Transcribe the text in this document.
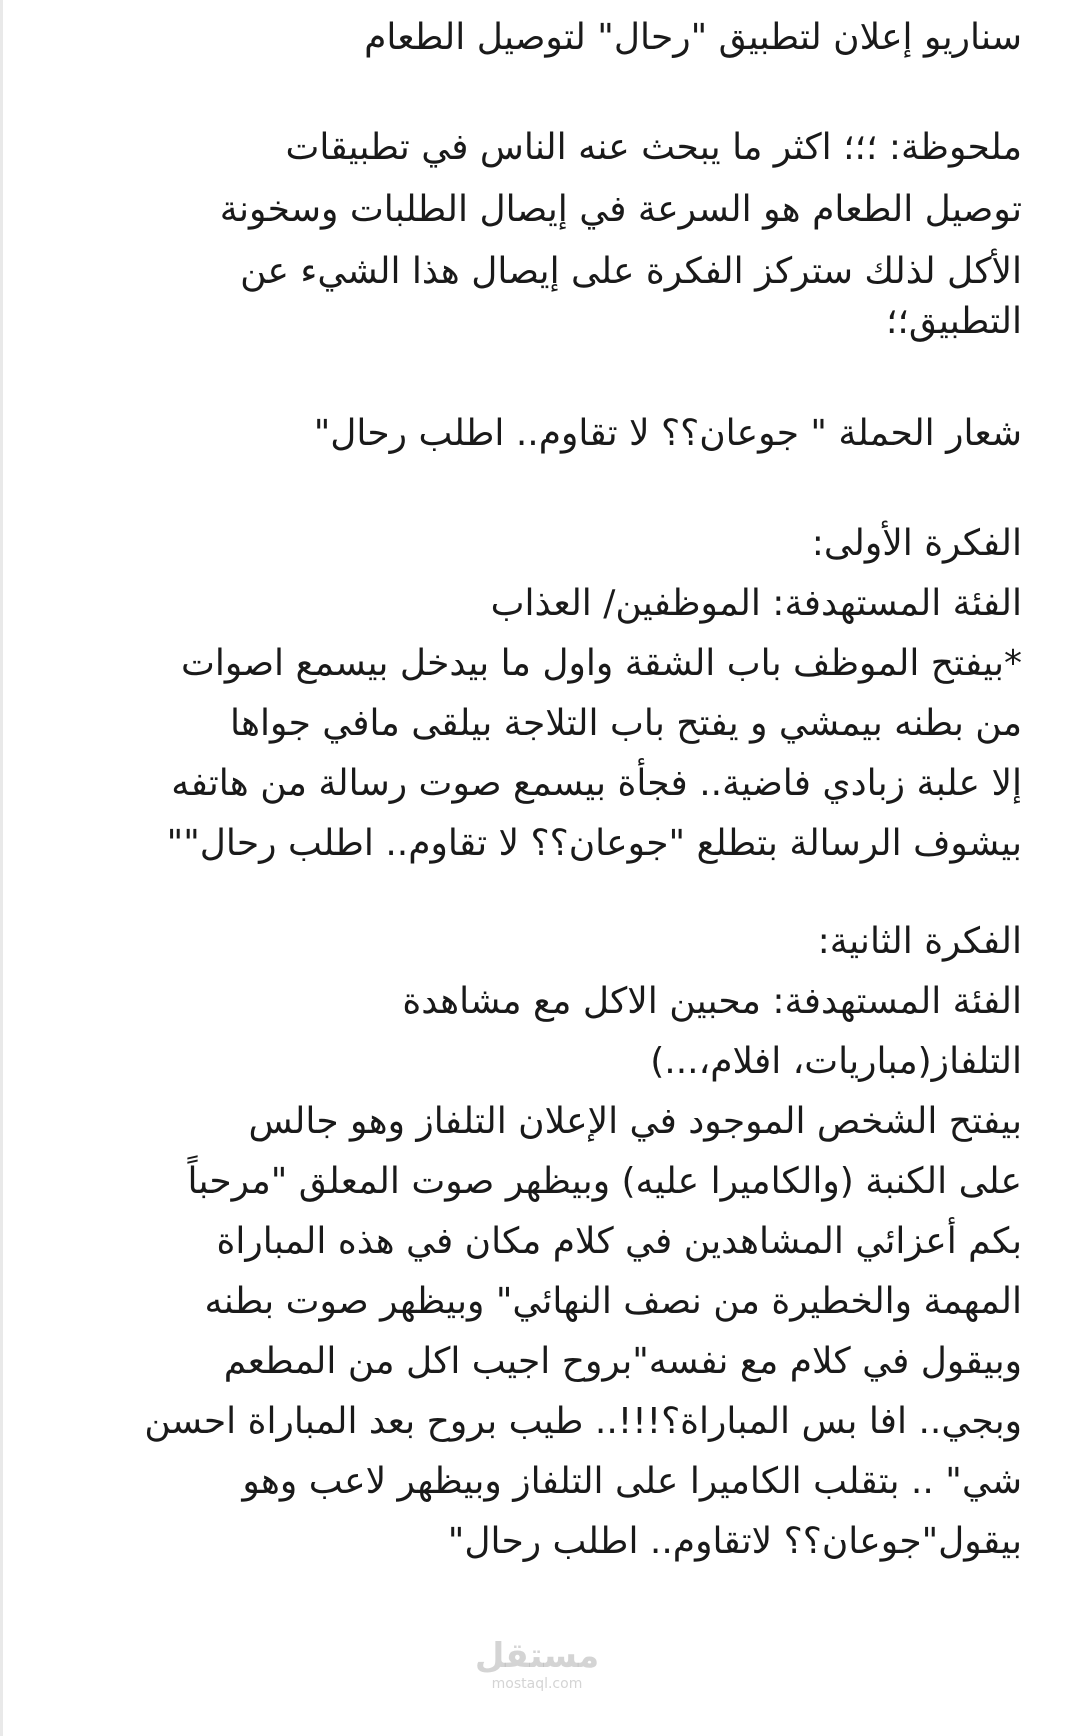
سناريو إعلان لتطبيق "رحال" لتوصيل الطعام
ملحوظة: ؛؛؛ اكثر ما يبحث عنه الناس في تطبيقات
توصيل الطعام هو السرعة في إيصال الطلبات وسخونة
الأكل لذلك ستركز الفكرة على إيصال هذا الشيء عن
التطبيق؛؛
شعار الحملة " جوعان؟؟ لا تقاوم.. اطلب رحال"
الفكرة الأولى:
الفئة المستهدفة: الموظفين/ العذاب
*بيفتح الموظف باب الشقة واول ما بيدخل بيسمع اصوات
من بطنه بيمشي و يفتح باب التلاجة بيلقى مافي جواها
إلا علبة زبادي فاضية.. فجأة بيسمع صوت رسالة من هاتفه
بيشوف الرسالة بتطلع "جوعان؟؟ لا تقاوم.. اطلب رحال""
الفكرة الثانية:
الفئة المستهدفة: محبين الاكل مع مشاهدة
التلفاز(مباريات، افلام،...)
بيفتح الشخص الموجود في الإعلان التلفاز وهو جالس
على الكنبة (والكاميرا عليه) وبيظهر صوت المعلق "مرحباً
بكم أعزائي المشاهدين في كلام مكان في هذه المباراة
المهمة والخطيرة من نصف النهائي" وبيظهر صوت بطنه
وبيقول في كلام مع نفسه"بروح اجيب اكل من المطعم
وبجي.. افا بس المباراة؟!!!.. طيب بروح بعد المباراة احسن
شي" .. بتقلب الكاميرا على التلفاز وبيظهر لاعب وهو
بيقول"جوعان؟؟ لاتقاوم.. اطلب رحال"
مستقل
mostaql.com
